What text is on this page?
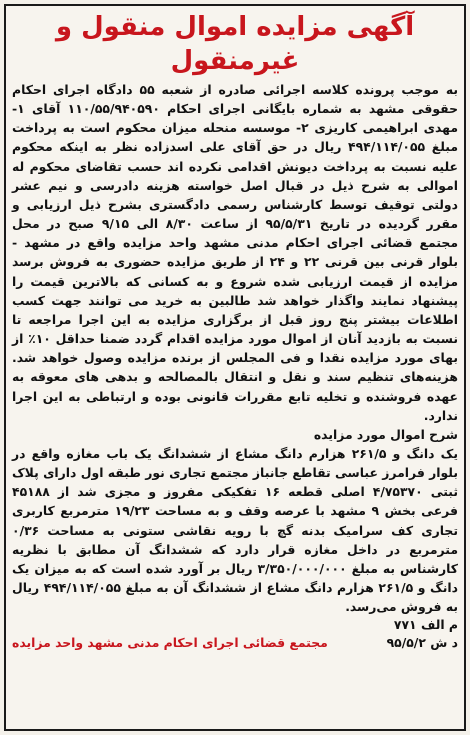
آگهی مزایده اموال منقول و غیرمنقول

به موجب پرونده کلاسه اجرائی صادره از شعبه ۵۵ دادگاه اجرای احکام حقوقی مشهد به شماره بایگانی اجرای احکام ۱۱۰/۵۵/۹۴۰۵۹۰ آقای ۱- مهدی ابراهیمی کاریزی ۲- موسسه منحله میزان محکوم است به پرداخت مبلغ ۴۹۴/۱۱۴/۰۵۵ ریال در حق آقای علی اسدزاده نظر به اینکه محکوم علیه نسبت به پرداخت دیونش اقدامی نکرده اند حسب تقاضای محکوم له اموالی به شرح ذیل در قبال اصل خواسته هزینه دادرسی و نیم عشر دولتی توقیف توسط کارشناس رسمی دادگستری بشرح ذیل ارزیابی و مقرر گردیده در تاریخ ۹۵/۵/۳۱ از ساعت ۸/۳۰ الی ۹/۱۵ صبح در محل مجتمع قضائی اجرای احکام مدنی مشهد واحد مزایده واقع در مشهد - بلوار قرنی بین قرنی ۲۲ و ۲۴ از طریق مزایده حضوری به فروش برسد مزایده از قیمت ارزیابی شده شروع و به کسانی که بالاترین قیمت را پیشنهاد نمایند واگذار خواهد شد طالبین به خرید می توانند جهت کسب اطلاعات بیشتر پنج روز قبل از برگزاری مزایده به این اجرا مراجعه تا نسبت به بازدید آنان از اموال مورد مزایده اقدام گردد ضمنا حداقل ۱۰٪ از بهای مورد مزایده نقدا و فی المجلس از برنده مزایده وصول خواهد شد. هزینه‌های تنظیم سند و نقل و انتقال بالمصالحه و بدهی های معوقه به عهده فروشنده و تخلیه تابع مقررات قانونی بوده و ارتباطی به این اجرا ندارد.

شرح اموال مورد مزایده

یک دانگ و ۲۶۱/۵ هزارم دانگ مشاع از ششدانگ یک باب مغازه واقع در بلوار فرامرز عباسی تقاطع جانباز مجتمع تجاری نور طبقه اول دارای پلاک ثبتی ۴/۷۵۳۷۰ اصلی قطعه ۱۶ تفکیکی مفروز و مجزی شد از ۴۵۱۸۸ فرعی بخش ۹ مشهد با عرصه وقف و به مساحت ۱۹/۲۳ مترمربع کاربری تجاری کف سرامیک بدنه گچ با رویه نقاشی ستونی به مساحت ۰/۳۶ مترمربع در داخل مغازه قرار دارد که ششدانگ آن مطابق با نظریه کارشناس به مبلغ ۳/۳۵۰/۰۰۰/۰۰۰ ریال بر آورد شده است که به میزان یک دانگ و ۲۶۱/۵ هزارم دانگ مشاع از ششدانگ آن به مبلغ ۴۹۴/۱۱۴/۰۵۵ ریال به فروش می‌رسد.

م الف ۷۷۱

د ش ۹۵/۵/۲

مجتمع قضائی اجرای احکام مدنی مشهد واحد مزایده
